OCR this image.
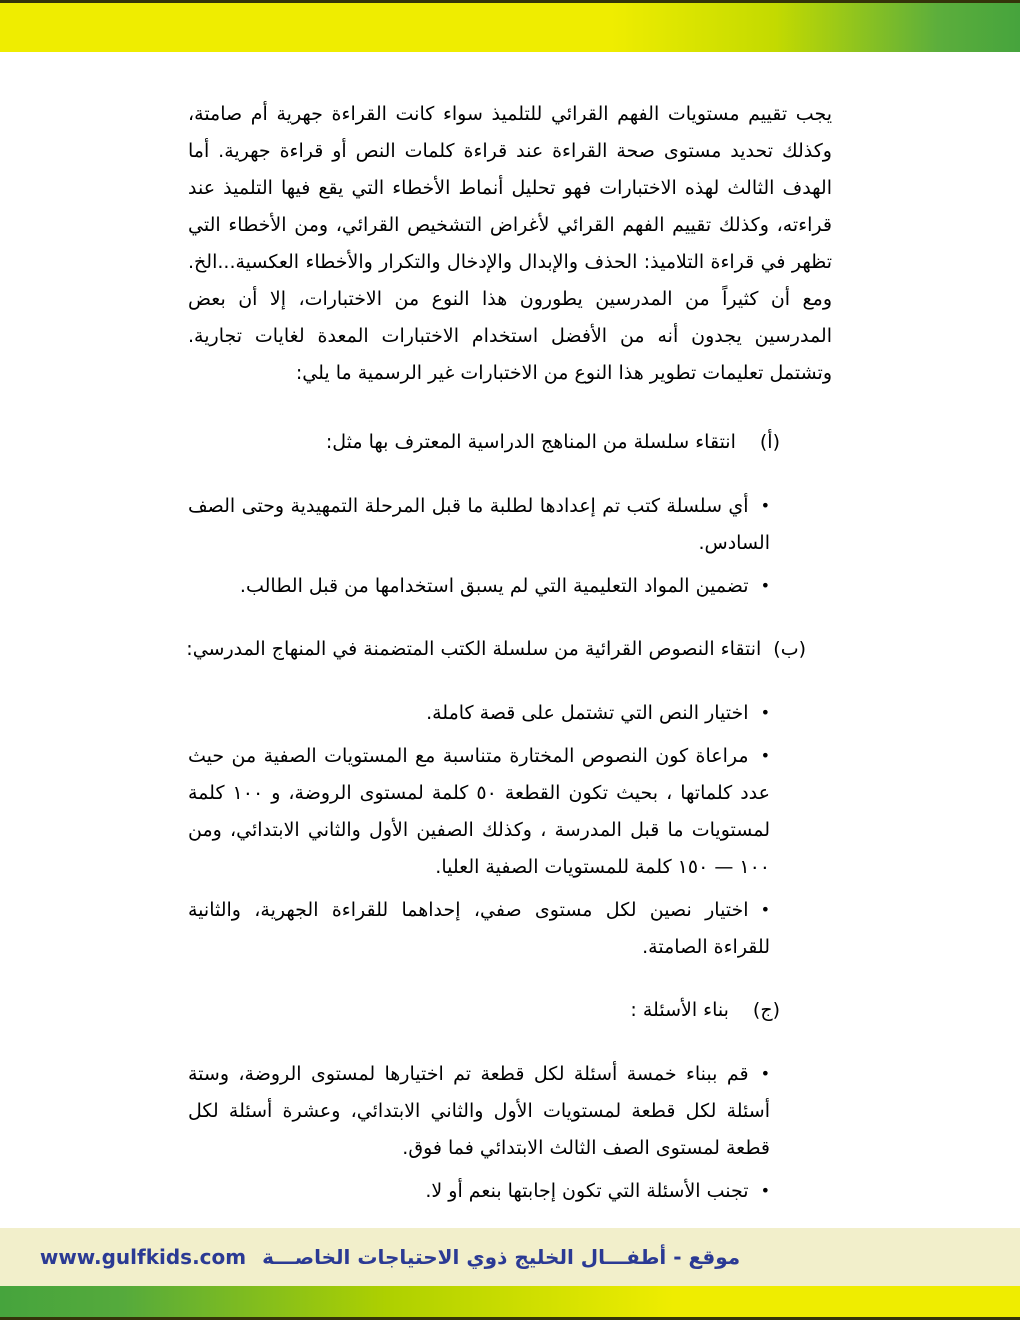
يجب تقييم مستويات الفهم القرائي للتلميذ سواء كانت القراءة جهرية أم صامتة، وكذلك تحديد مستوى صحة القراءة عند قراءة كلمات النص أو قراءة جهرية. أما الهدف الثالث لهذه الاختبارات فهو تحليل أنماط الأخطاء التي يقع فيها التلميذ عند قراءته، وكذلك تقييم الفهم القرائي لأغراض التشخيص القرائي، ومن الأخطاء التي تظهر في قراءة التلاميذ: الحذف والإبدال والإدخال والتكرار والأخطاء العكسية...الخ. ومع أن كثيراً من المدرسين يطورون هذا النوع من الاختبارات، إلا أن بعض المدرسين يجدون أنه من الأفضل استخدام الاختبارات المعدة لغايات تجارية. وتشتمل تعليمات تطوير هذا النوع من الاختبارات غير الرسمية ما يلي:

(أ)انتقاء سلسلة من المناهج الدراسية المعترف بها مثل:
•أي سلسلة كتب تم إعدادها لطلبة ما قبل المرحلة التمهيدية وحتى الصف السادس.
•تضمين المواد التعليمية التي لم يسبق استخدامها من قبل الطالب.
(ب)انتقاء النصوص القرائية من سلسلة الكتب المتضمنة في المنهاج المدرسي:
•اختيار النص التي تشتمل على قصة كاملة.
•مراعاة كون النصوص المختارة متناسبة مع المستويات الصفية من حيث عدد كلماتها ، بحيث تكون القطعة ٥٠ كلمة لمستوى الروضة، و ١٠٠ كلمة لمستويات ما قبل المدرسة ، وكذلك الصفين الأول والثاني الابتدائي، ومن ١٠٠ — ١٥٠ كلمة للمستويات الصفية العليا.
•اختيار نصين لكل مستوى صفي، إحداهما للقراءة الجهرية، والثانية للقراءة الصامتة.
(ج)بناء الأسئلة :
•قم ببناء خمسة أسئلة لكل قطعة تم اختيارها لمستوى الروضة، وستة أسئلة لكل قطعة لمستويات الأول والثاني الابتدائي، وعشرة أسئلة لكل قطعة لمستوى الصف الثالث الابتدائي فما فوق.
•تجنب الأسئلة التي تكون إجابتها بنعم أو لا.
موقع - أطفـــال الخليج ذوي الاحتياجات الخاصـــة
www.gulfkids.com
